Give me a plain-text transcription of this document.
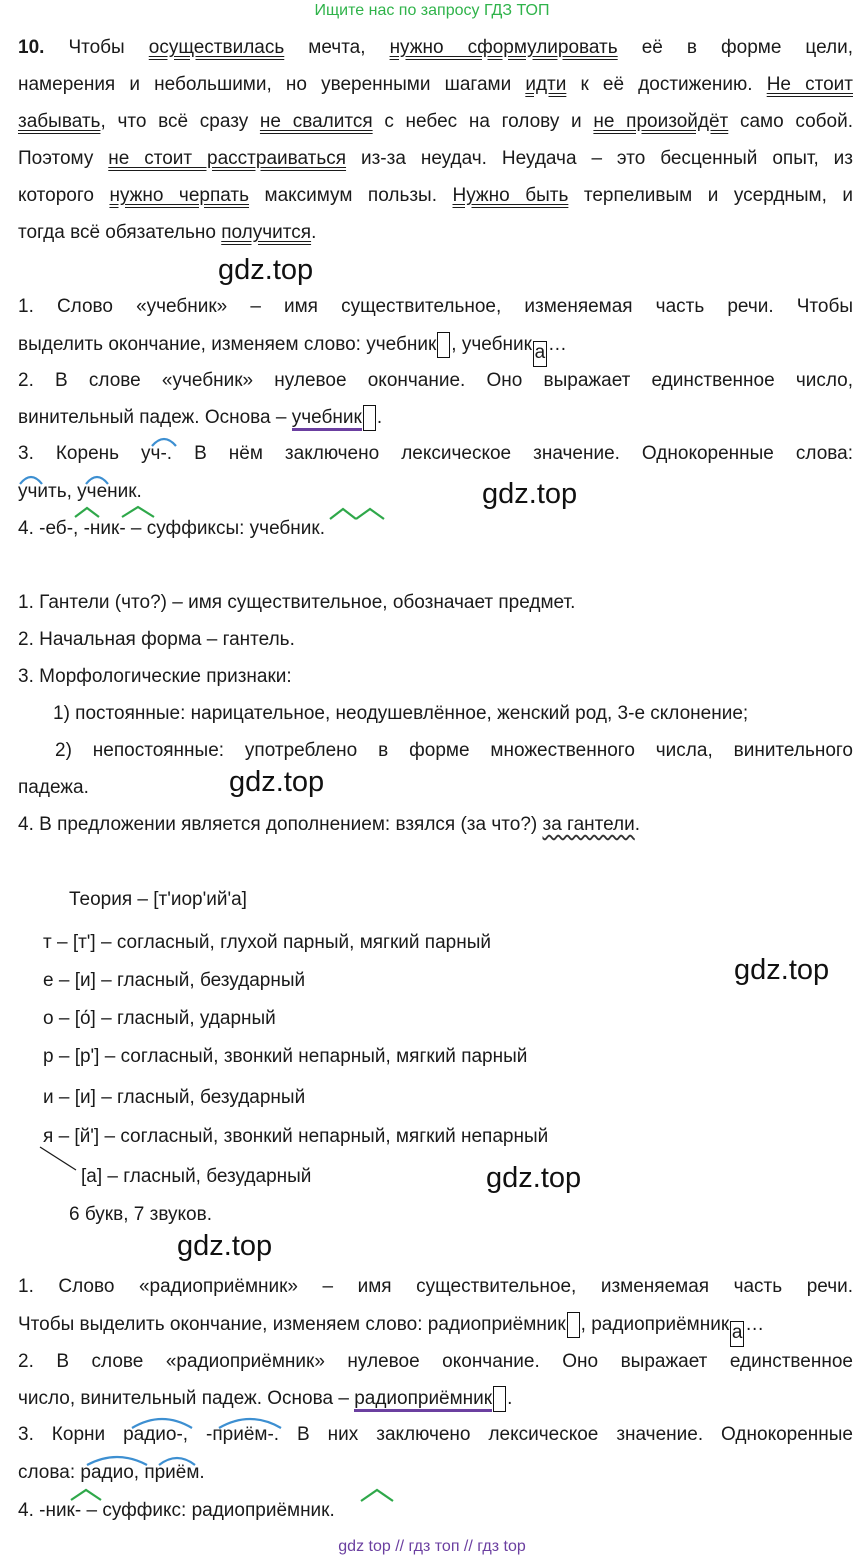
Ищите нас по запросу ГДЗ ТОП
10. Чтобы осуществилась мечта, нужно сформулировать её в форме цели,
намерения и небольшими, но уверенными шагами идти к её достижению. Не стоит
забывать, что всё сразу не свалится с небес на голову и не произойдёт само собой.
Поэтому не стоит расстраиваться из-за неудач. Неудача – это бесценный опыт, из
которого нужно черпать максимум пользы. Нужно быть терпеливым и усердным, и
тогда всё обязательно получится.
gdz.top
1. Слово «учебник» – имя существительное, изменяемая часть речи. Чтобы
выделить окончание, изменяем слово: учебник , учебник а …
2. В слове «учебник» нулевое окончание. Оно выражает единственное число,
винительный падеж. Основа – учебник .
3. Корень уч-. В нём заключено лексическое значение. Однокоренные слова:
учить, ученик.	gdz.top
4. -еб-, -ник- – суффиксы: учебник.
1. Гантели (что?) – имя существительное, обозначает предмет.
2. Начальная форма – гантель.
3. Морфологические признаки:
1) постоянные: нарицательное, неодушевлённое, женский род, 3-е склонение;
2) непостоянные: употреблено в форме множественного числа, винительного
падежа.	gdz.top
4. В предложении является дополнением: взялся (за что?) за гантели.
Теория – [т'иор'ий'а]
т – [т'] – согласный, глухой парный, мягкий парный
е – [и] – гласный, безударный	gdz.top
о – [о́] – гласный, ударный
р – [р'] – согласный, звонкий непарный, мягкий парный
и – [и] – гласный, безударный
я – [й'] – согласный, звонкий непарный, мягкий непарный
[а] – гласный, безударный	gdz.top
6 букв, 7 звуков.
gdz.top
1. Слово «радиоприёмник» – имя существительное, изменяемая часть речи.
Чтобы выделить окончание, изменяем слово: радиоприёмник , радиоприёмник а …
2. В слове «радиоприёмник» нулевое окончание. Оно выражает единственное
число, винительный падеж. Основа – радиоприёмник .
3. Корни радио-, -приём-. В них заключено лексическое значение. Однокоренные
слова: радио, приём.
4. -ник- – суффикс: радиоприёмник.
gdz top // гдз топ // гдз top
